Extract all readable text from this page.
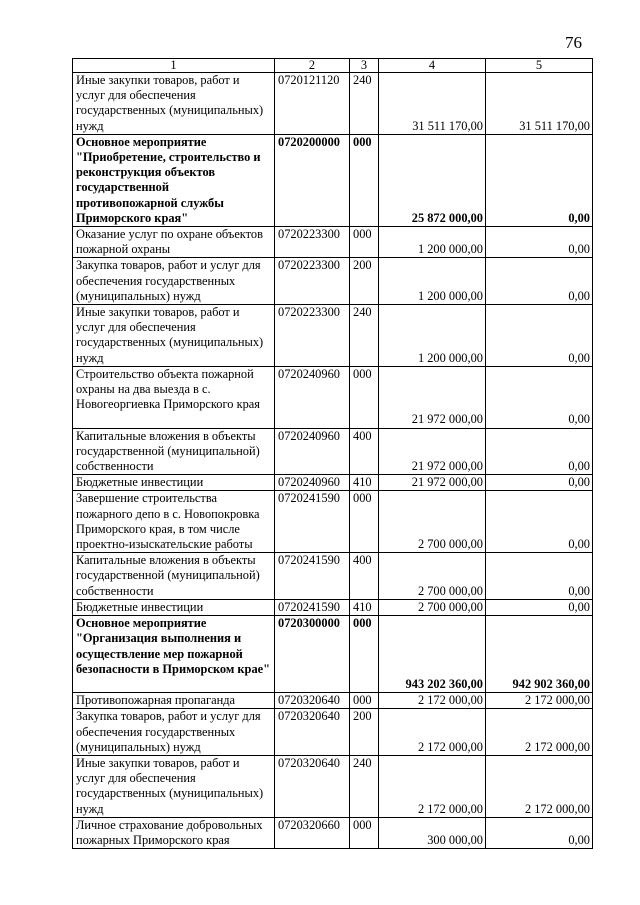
76
1	2	3	4	5
Иные закупки товаров, работ и услуг для обеспечения государственных (муниципальных) нужд	0720121120	240	31 511 170,00	31 511 170,00
Основное мероприятие "Приобретение, строительство и реконструкция объектов государственной противопожарной службы Приморского края"	0720200000	000	25 872 000,00	0,00
Оказание услуг по охране объектов пожарной охраны	0720223300	000	1 200 000,00	0,00
Закупка товаров, работ и услуг для обеспечения государственных (муниципальных) нужд	0720223300	200	1 200 000,00	0,00
Иные закупки товаров, работ и услуг для обеспечения государственных (муниципальных) нужд	0720223300	240	1 200 000,00	0,00
Строительство объекта пожарной охраны на два выезда в с. Новогеоргиевка Приморского края	0720240960	000	21 972 000,00	0,00
Капитальные вложения в объекты государственной (муниципальной) собственности	0720240960	400	21 972 000,00	0,00
Бюджетные инвестиции	0720240960	410	21 972 000,00	0,00
Завершение строительства пожарного депо в с. Новопокровка Приморского края, в том числе проектно-изыскательские работы	0720241590	000	2 700 000,00	0,00
Капитальные вложения в объекты государственной (муниципальной) собственности	0720241590	400	2 700 000,00	0,00
Бюджетные инвестиции	0720241590	410	2 700 000,00	0,00
Основное мероприятие "Организация выполнения и осуществление мер пожарной безопасности в Приморском крае"	0720300000	000	943 202 360,00	942 902 360,00
Противопожарная пропаганда	0720320640	000	2 172 000,00	2 172 000,00
Закупка товаров, работ и услуг для обеспечения государственных (муниципальных) нужд	0720320640	200	2 172 000,00	2 172 000,00
Иные закупки товаров, работ и услуг для обеспечения государственных (муниципальных) нужд	0720320640	240	2 172 000,00	2 172 000,00
Личное страхование добровольных пожарных Приморского края	0720320660	000	300 000,00	0,00
